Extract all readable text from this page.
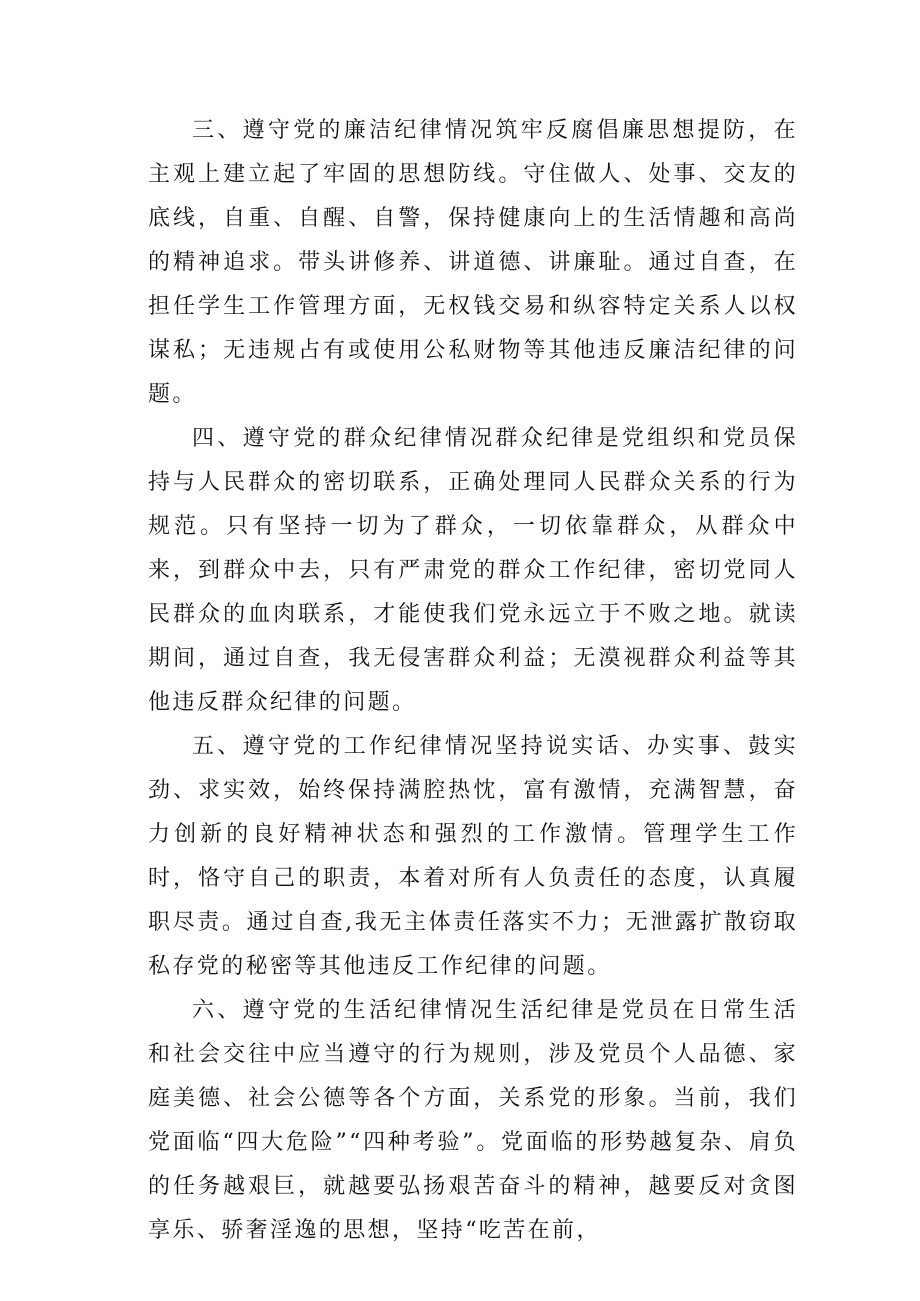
三、遵守党的廉洁纪律情况筑牢反腐倡廉思想提防，在主观上建立起了牢固的思想防线。守住做人、处事、交友的底线，自重、自醒、自警，保持健康向上的生活情趣和高尚的精神追求。带头讲修养、讲道德、讲廉耻。通过自查，在担任学生工作管理方面，无权钱交易和纵容特定关系人以权谋私；无违规占有或使用公私财物等其他违反廉洁纪律的问题。

四、遵守党的群众纪律情况群众纪律是党组织和党员保持与人民群众的密切联系，正确处理同人民群众关系的行为规范。只有坚持一切为了群众，一切依靠群众，从群众中来，到群众中去，只有严肃党的群众工作纪律，密切党同人民群众的血肉联系，才能使我们党永远立于不败之地。就读期间，通过自查，我无侵害群众利益；无漠视群众利益等其他违反群众纪律的问题。

五、遵守党的工作纪律情况坚持说实话、办实事、鼓实劲、求实效，始终保持满腔热忱，富有激情，充满智慧，奋力创新的良好精神状态和强烈的工作激情。管理学生工作时，恪守自己的职责，本着对所有人负责任的态度，认真履职尽责。通过自查,我无主体责任落实不力；无泄露扩散窃取私存党的秘密等其他违反工作纪律的问题。

六、遵守党的生活纪律情况生活纪律是党员在日常生活和社会交往中应当遵守的行为规则，涉及党员个人品德、家庭美德、社会公德等各个方面，关系党的形象。当前，我们党面临“四大危险”“四种考验”。党面临的形势越复杂、肩负的任务越艰巨，就越要弘扬艰苦奋斗的精神，越要反对贪图享乐、骄奢淫逸的思想，坚持“吃苦在前，
